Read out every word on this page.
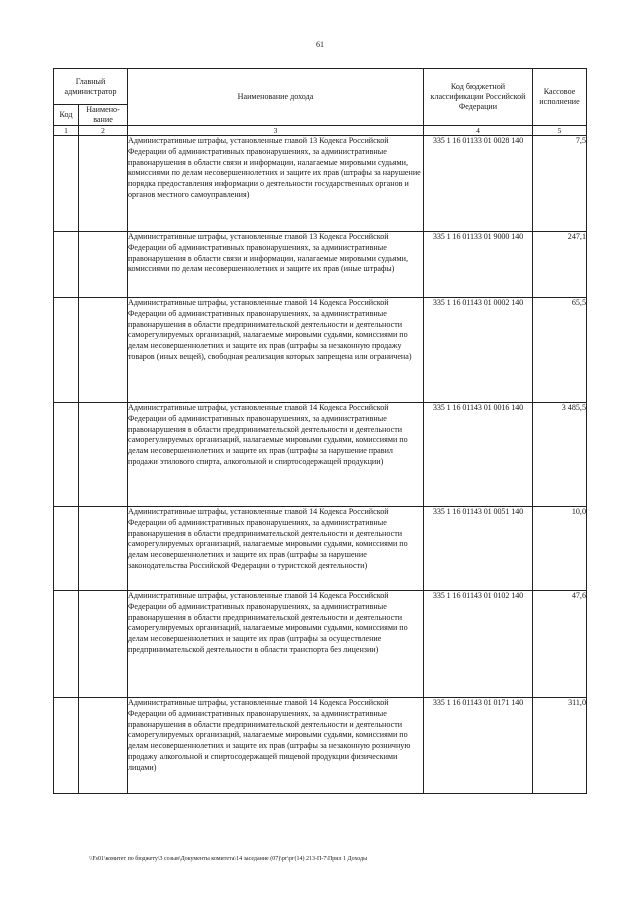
61
Главный администратор		Наименование дохода	Код бюджетной классификации Российской Федерации	Кассовое исполнение
Код	Наимено-вание			
1	2	3	4	5
		Административные штрафы, установленные главой 13 Кодекса Российской Федерации об административных правонарушениях, за административные правонарушения в области связи и информации, налагаемые мировыми судьями, комиссиями по делам несовершеннолетних и защите их прав (штрафы за нарушение порядка предоставления информации о деятельности государственных органов и органов местного самоуправления)	335 1 16 01133 01 0028 140	7,5
		Административные штрафы, установленные главой 13 Кодекса Российской Федерации об административных правонарушениях, за административные правонарушения в области связи и информации, налагаемые мировыми судьями, комиссиями по делам несовершеннолетних и защите их прав (иные штрафы)	335 1 16 01133 01 9000 140	247,1
		Административные штрафы, установленные главой 14 Кодекса Российской Федерации об административных правонарушениях, за административные правонарушения в области предпринимательской деятельности и деятельности саморегулируемых организаций, налагаемые мировыми судьями, комиссиями по делам несовершеннолетних и защите их прав (штрафы за незаконную продажу товаров (иных вещей), свободная реализация которых запрещена или ограничена)	335 1 16 01143 01 0002 140	65,5
		Административные штрафы, установленные главой 14 Кодекса Российской Федерации об административных правонарушениях, за административные правонарушения в области предпринимательской деятельности и деятельности саморегулируемых организаций, налагаемые мировыми судьями, комиссиями по делам несовершеннолетних и защите их прав (штрафы за нарушение правил продажи этилового спирта, алкогольной и спиртосодержащей продукции)	335 1 16 01143 01 0016 140	3 485,5
		Административные штрафы, установленные главой 14 Кодекса Российской Федерации об административных правонарушениях, за административные правонарушения в области предпринимательской деятельности и деятельности саморегулируемых организаций, налагаемые мировыми судьями, комиссиями по делам несовершеннолетних и защите их прав (штрафы за нарушение законодательства Российской Федерации о туристской деятельности)	335 1 16 01143 01 0051 140	10,0
		Административные штрафы, установленные главой 14 Кодекса Российской Федерации об административных правонарушениях, за административные правонарушения в области предпринимательской деятельности и деятельности саморегулируемых организаций, налагаемые мировыми судьями, комиссиями по делам несовершеннолетних и защите их прав (штрафы за осуществление предпринимательской деятельности в области транспорта без лицензии)	335 1 16 01143 01 0102 140	47,6
		Административные штрафы, установленные главой 14 Кодекса Российской Федерации об административных правонарушениях, за административные правонарушения в области предпринимательской деятельности и деятельности саморегулируемых организаций, налагаемые мировыми судьями, комиссиями по делам несовершеннолетних и защите их прав (штрафы за незаконную розничную продажу алкогольной и спиртосодержащей пищевой продукции физическими лицами)	335 1 16 01143 01 0171 140	311,0
\\Fs01\комитет по бюджету\3 созыв\Документы комитета\14 заседание (07)\рг\рг(14) 213-П-7\Прил 1 Доходы
